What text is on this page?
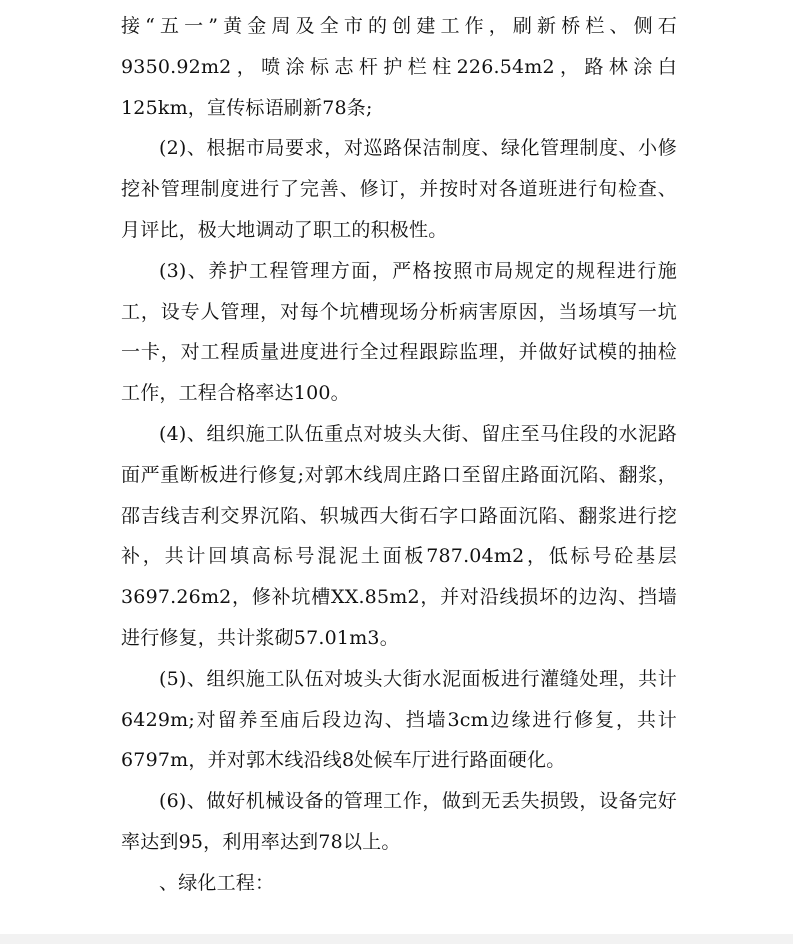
接“五一”黄金周及全市的创建工作，刷新桥栏、侧石9350.92m2，喷涂标志杆护栏柱226.54m2，路林涂白125km，宣传标语刷新78条;

(2)、根据市局要求，对巡路保洁制度、绿化管理制度、小修挖补管理制度进行了完善、修订，并按时对各道班进行旬检查、月评比，极大地调动了职工的积极性。

(3)、养护工程管理方面，严格按照市局规定的规程进行施工，设专人管理，对每个坑槽现场分析病害原因，当场填写一坑一卡，对工程质量进度进行全过程跟踪监理，并做好试模的抽检工作，工程合格率达100。

(4)、组织施工队伍重点对坡头大街、留庄至马住段的水泥路面严重断板进行修复;对郭木线周庄路口至留庄路面沉陷、翻浆，邵吉线吉利交界沉陷、轵城西大街石字口路面沉陷、翻浆进行挖补，共计回填高标号混泥土面板787.04m2，低标号砼基层3697.26m2，修补坑槽XX.85m2，并对沿线损坏的边沟、挡墙进行修复，共计浆砌57.01m3。

(5)、组织施工队伍对坡头大街水泥面板进行灌缝处理，共计6429m;对留养至庙后段边沟、挡墙3cm边缘进行修复，共计6797m，并对郭木线沿线8处候车厅进行路面硬化。

(6)、做好机械设备的管理工作，做到无丢失损毁，设备完好率达到95，利用率达到78以上。

、绿化工程：
